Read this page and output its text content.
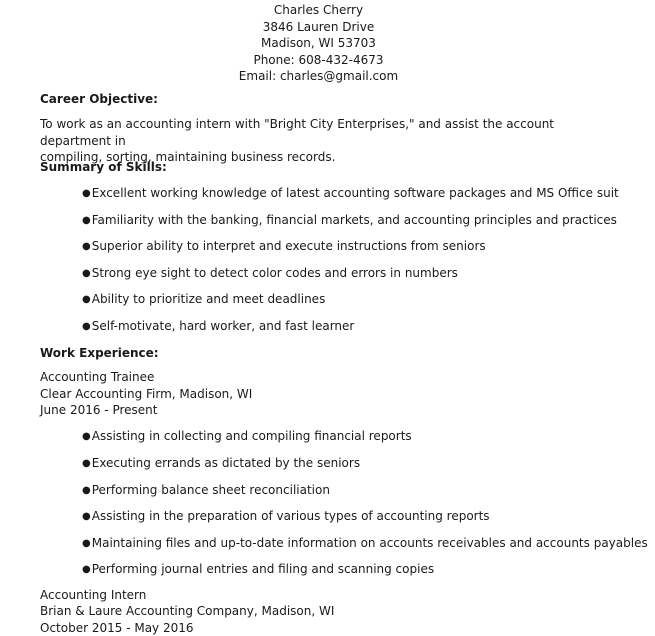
Charles Cherry
3846 Lauren Drive
Madison, WI 53703
Phone: 608-432-4673
Email: charles@gmail.com
Career Objective:
To work as an accounting intern with "Bright City Enterprises," and assist the account department in
compiling, sorting, maintaining business records.
Summary of Skills:
●Excellent working knowledge of latest accounting software packages and MS Office suit
●Familiarity with the banking, financial markets, and accounting principles and practices
●Superior ability to interpret and execute instructions from seniors
●Strong eye sight to detect color codes and errors in numbers
●Ability to prioritize and meet deadlines
●Self-motivate, hard worker, and fast learner
Work Experience:
Accounting Trainee
Clear Accounting Firm, Madison, WI
June 2016 - Present
●Assisting in collecting and compiling financial reports
●Executing errands as dictated by the seniors
●Performing balance sheet reconciliation
●Assisting in the preparation of various types of accounting reports
●Maintaining files and up-to-date information on accounts receivables and accounts payables
●Performing journal entries and filing and scanning copies
Accounting Intern
Brian & Laure Accounting Company, Madison, WI
October 2015 - May 2016
